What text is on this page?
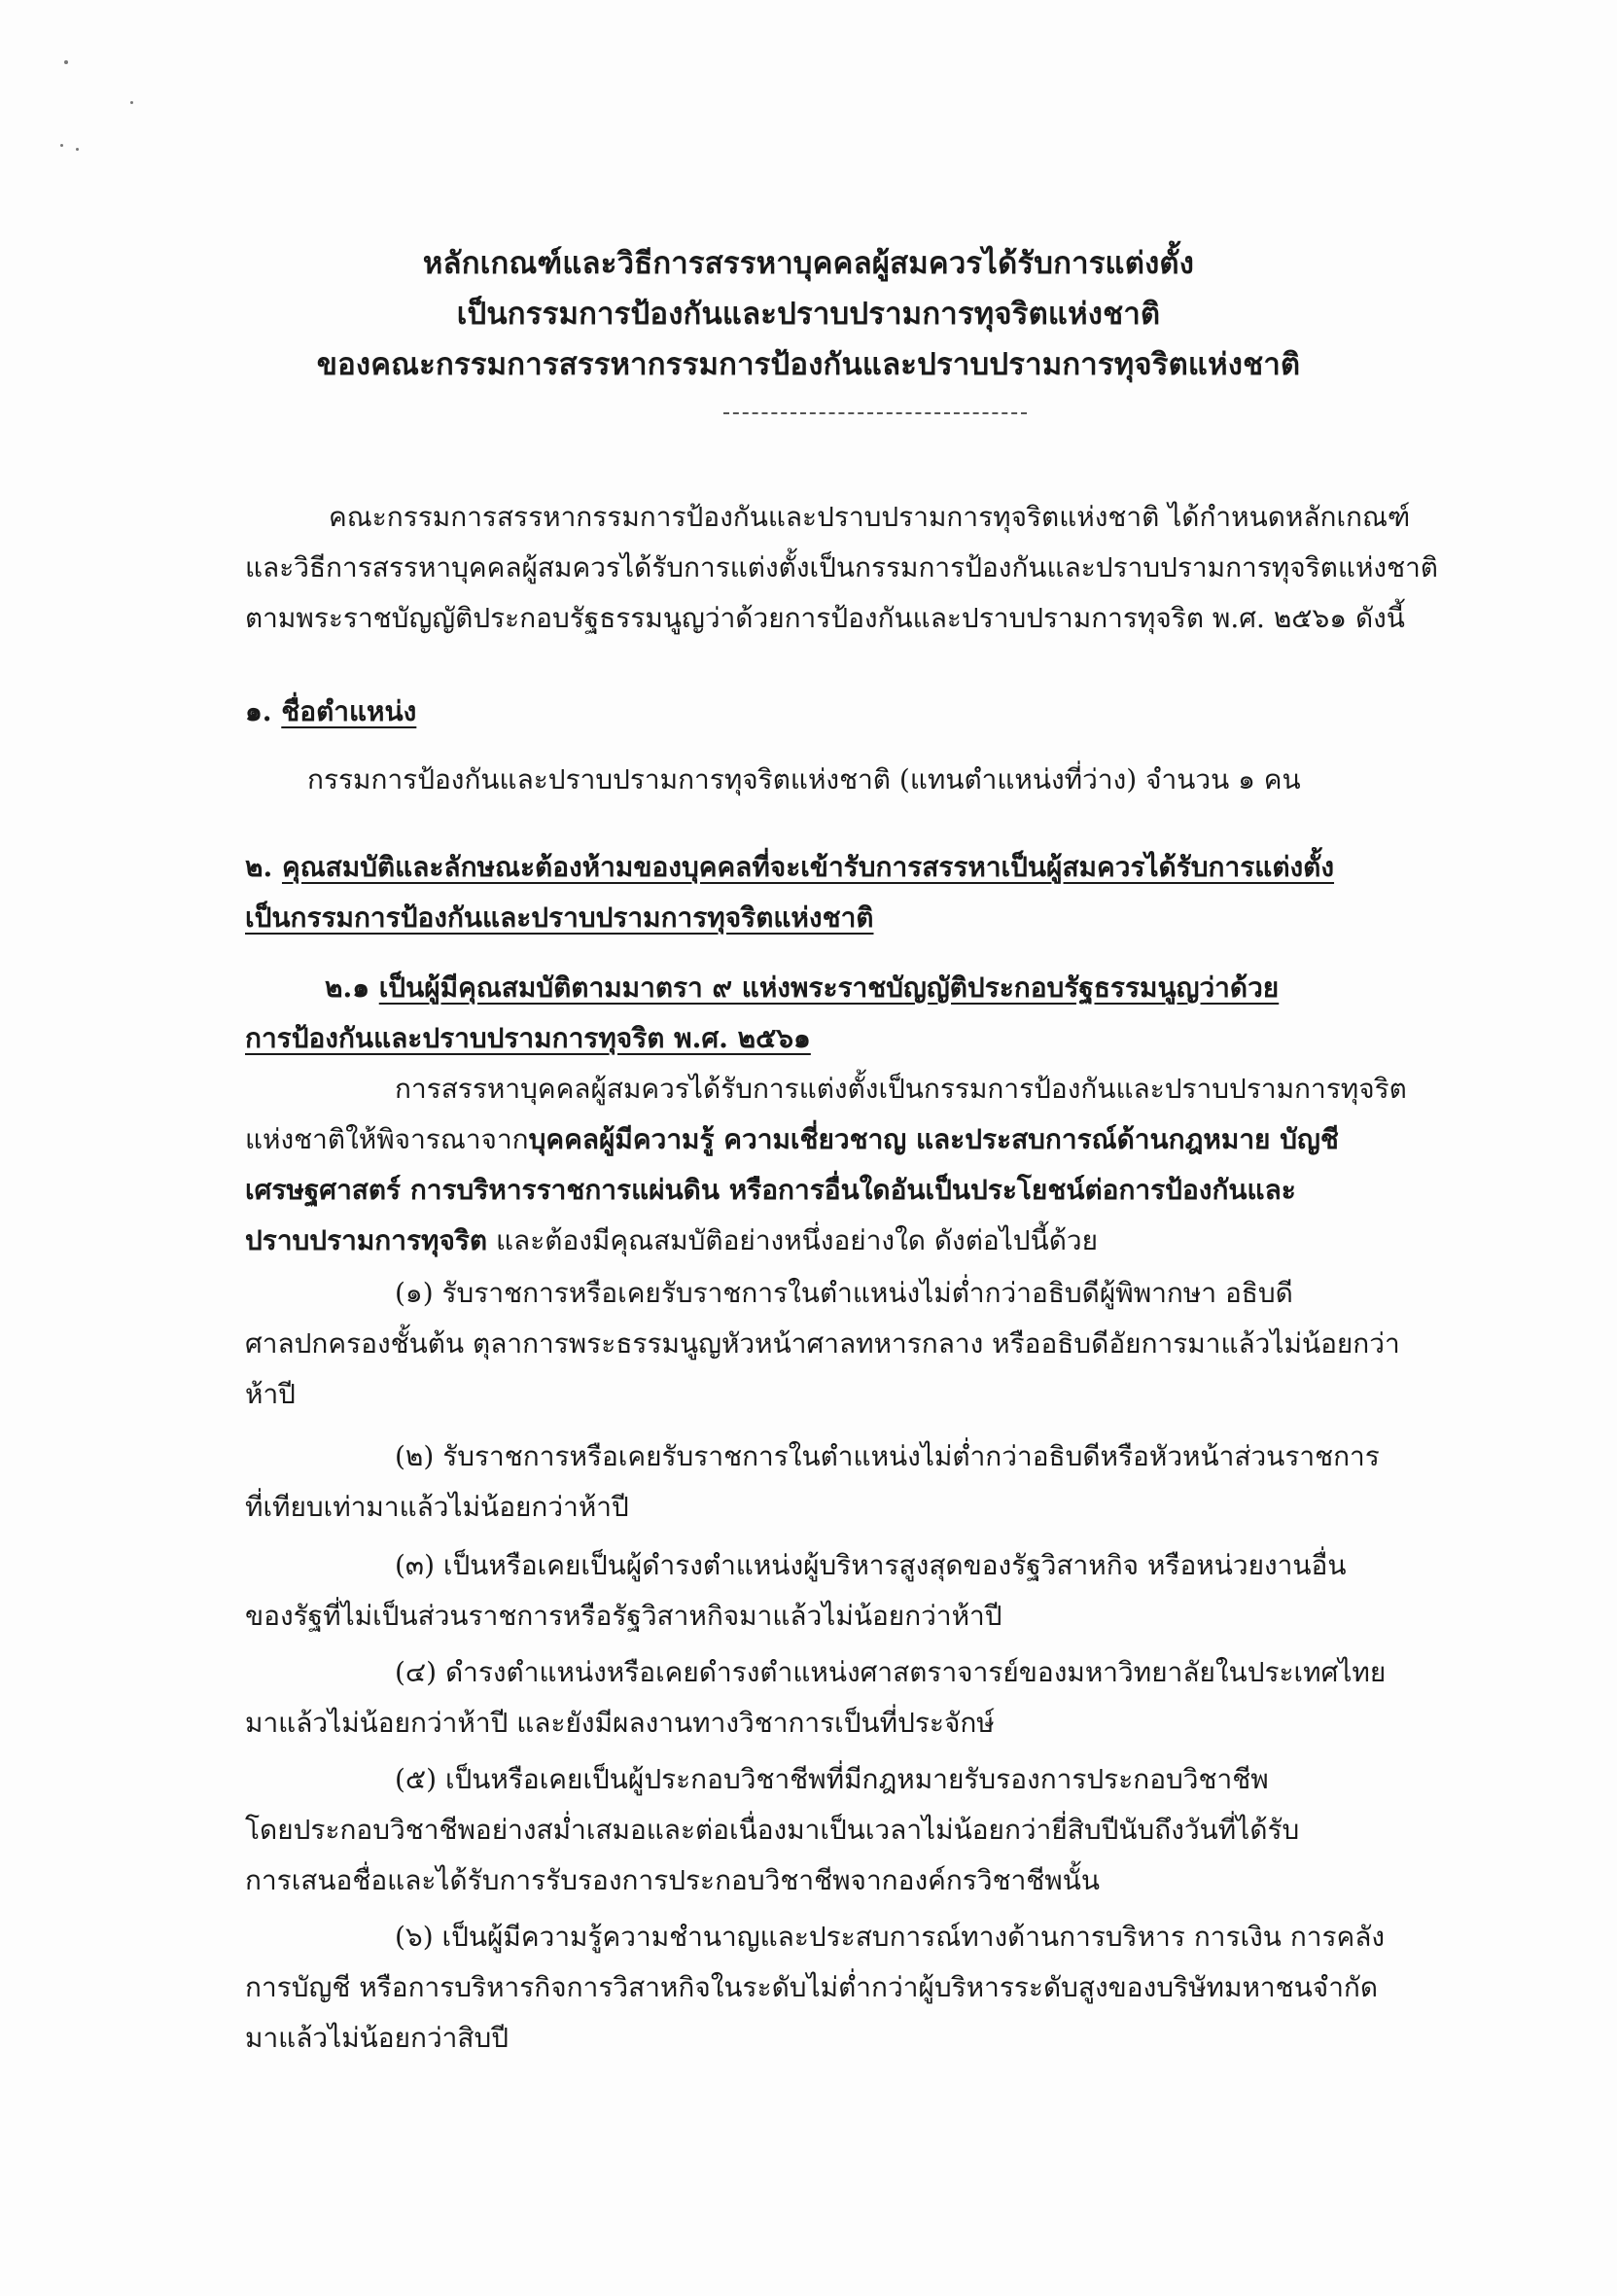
หลักเกณฑ์และวิธีการสรรหาบุคคลผู้สมควรได้รับการแต่งตั้ง
เป็นกรรมการป้องกันและปราบปรามการทุจริตแห่งชาติ
ของคณะกรรมการสรรหากรรมการป้องกันและปราบปรามการทุจริตแห่งชาติ
คณะกรรมการสรรหากรรมการป้องกันและปราบปรามการทุจริตแห่งชาติ ได้กำหนดหลักเกณฑ์
และวิธีการสรรหาบุคคลผู้สมควรได้รับการแต่งตั้งเป็นกรรมการป้องกันและปราบปรามการทุจริตแห่งชาติ
ตามพระราชบัญญัติประกอบรัฐธรรมนูญว่าด้วยการป้องกันและปราบปรามการทุจริต พ.ศ. ๒๕๖๑ ดังนี้
๑. ชื่อตำแหน่ง
กรรมการป้องกันและปราบปรามการทุจริตแห่งชาติ (แทนตำแหน่งที่ว่าง) จำนวน ๑ คน
๒. คุณสมบัติและลักษณะต้องห้ามของบุคคลที่จะเข้ารับการสรรหาเป็นผู้สมควรได้รับการแต่งตั้ง
เป็นกรรมการป้องกันและปราบปรามการทุจริตแห่งชาติ
๒.๑ เป็นผู้มีคุณสมบัติตามมาตรา ๙ แห่งพระราชบัญญัติประกอบรัฐธรรมนูญว่าด้วย
การป้องกันและปราบปรามการทุจริต พ.ศ. ๒๕๖๑
การสรรหาบุคคลผู้สมควรได้รับการแต่งตั้งเป็นกรรมการป้องกันและปราบปรามการทุจริต
แห่งชาติให้พิจารณาจากบุคคลผู้มีความรู้ ความเชี่ยวชาญ และประสบการณ์ด้านกฎหมาย บัญชี
เศรษฐศาสตร์ การบริหารราชการแผ่นดิน หรือการอื่นใดอันเป็นประโยชน์ต่อการป้องกันและ
ปราบปรามการทุจริต และต้องมีคุณสมบัติอย่างหนึ่งอย่างใด ดังต่อไปนี้ด้วย
(๑) รับราชการหรือเคยรับราชการในตำแหน่งไม่ต่ำกว่าอธิบดีผู้พิพากษา อธิบดี
ศาลปกครองชั้นต้น ตุลาการพระธรรมนูญหัวหน้าศาลทหารกลาง หรืออธิบดีอัยการมาแล้วไม่น้อยกว่า
ห้าปี
(๒) รับราชการหรือเคยรับราชการในตำแหน่งไม่ต่ำกว่าอธิบดีหรือหัวหน้าส่วนราชการ
ที่เทียบเท่ามาแล้วไม่น้อยกว่าห้าปี
(๓) เป็นหรือเคยเป็นผู้ดำรงตำแหน่งผู้บริหารสูงสุดของรัฐวิสาหกิจ หรือหน่วยงานอื่น
ของรัฐที่ไม่เป็นส่วนราชการหรือรัฐวิสาหกิจมาแล้วไม่น้อยกว่าห้าปี
(๔) ดำรงตำแหน่งหรือเคยดำรงตำแหน่งศาสตราจารย์ของมหาวิทยาลัยในประเทศไทย
มาแล้วไม่น้อยกว่าห้าปี และยังมีผลงานทางวิชาการเป็นที่ประจักษ์
(๕) เป็นหรือเคยเป็นผู้ประกอบวิชาชีพที่มีกฎหมายรับรองการประกอบวิชาชีพ
โดยประกอบวิชาชีพอย่างสม่ำเสมอและต่อเนื่องมาเป็นเวลาไม่น้อยกว่ายี่สิบปีนับถึงวันที่ได้รับ
การเสนอชื่อและได้รับการรับรองการประกอบวิชาชีพจากองค์กรวิชาชีพนั้น
(๖) เป็นผู้มีความรู้ความชำนาญและประสบการณ์ทางด้านการบริหาร การเงิน การคลัง
การบัญชี หรือการบริหารกิจการวิสาหกิจในระดับไม่ต่ำกว่าผู้บริหารระดับสูงของบริษัทมหาชนจำกัด
มาแล้วไม่น้อยกว่าสิบปี
